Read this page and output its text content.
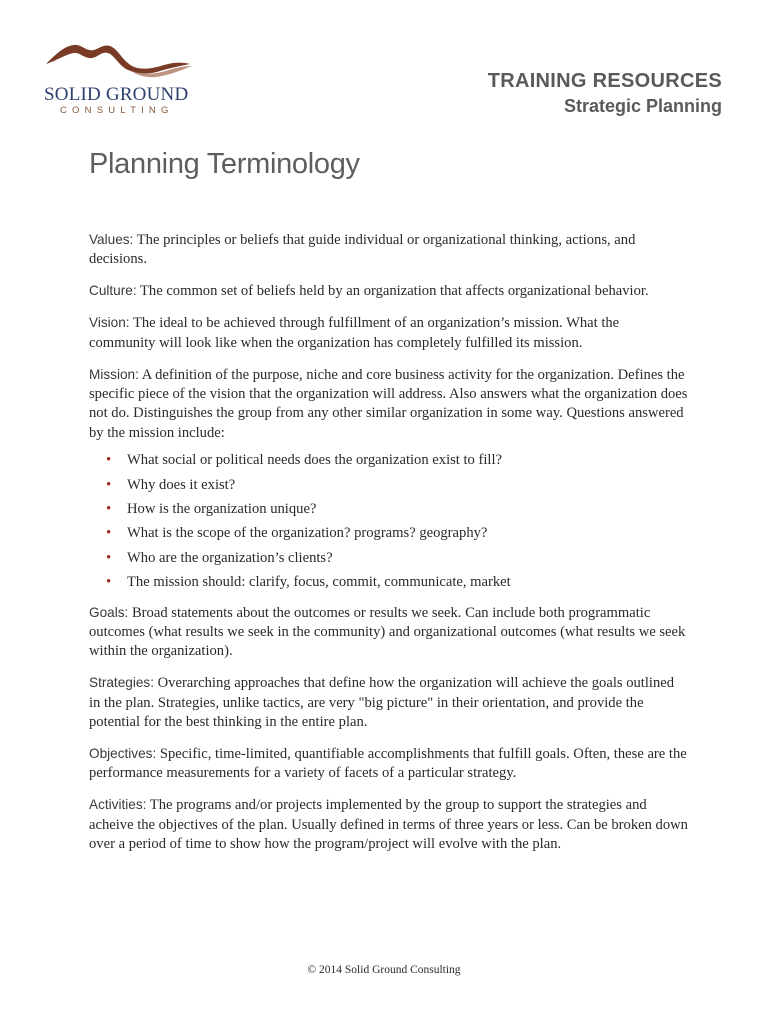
SOLID GROUND
CONSULTING
TRAINING RESOURCES
Strategic Planning
Planning Terminology

Values: The principles or beliefs that guide individual or organizational thinking, actions, and decisions.

Culture: The common set of beliefs held by an organization that affects organizational behavior.

Vision: The ideal to be achieved through fulfillment of an organization’s mission. What the community will look like when the organization has completely fulfilled its mission.

Mission: A definition of the purpose, niche and core business activity for the organization. Defines the specific piece of the vision that the organization will address. Also answers what the organization does not do. Distinguishes the group from any other similar organization in some way. Questions answered by the mission include:

• What social or political needs does the organization exist to fill?
• Why does it exist?
• How is the organization unique?
• What is the scope of the organization? programs? geography?
• Who are the organization’s clients?
• The mission should: clarify, focus, commit, communicate, market

Goals: Broad statements about the outcomes or results we seek. Can include both programmatic outcomes (what results we seek in the community) and organizational outcomes (what results we seek within the organization).

Strategies: Overarching approaches that define how the organization will achieve the goals outlined in the plan. Strategies, unlike tactics, are very "big picture" in their orientation, and provide the potential for the best thinking in the entire plan.

Objectives: Specific, time-limited, quantifiable accomplishments that fulfill goals. Often, these are the performance measurements for a variety of facets of a particular strategy.

Activities: The programs and/or projects implemented by the group to support the strategies and acheive the objectives of the plan. Usually defined in terms of three years or less. Can be broken down over a period of time to show how the program/project will evolve with the plan.

© 2014 Solid Ground Consulting
